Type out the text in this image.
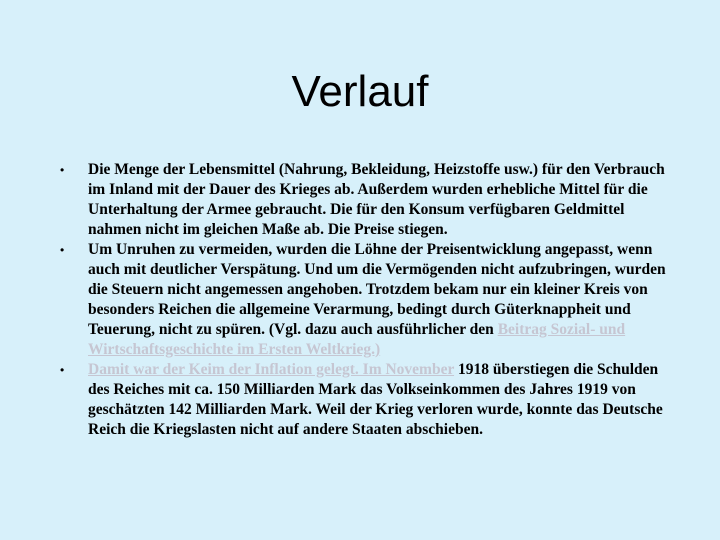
Verlauf
•	Die Menge der Lebensmittel (Nahrung, Bekleidung, Heizstoffe usw.) für den Verbrauch im Inland mit der Dauer des Krieges ab. Außerdem wurden erhebliche Mittel für die Unterhaltung der Armee gebraucht. Die für den Konsum verfügbaren Geldmittel nahmen nicht im gleichen Maße ab. Die Preise stiegen.
•	Um Unruhen zu vermeiden, wurden die Löhne der Preisentwicklung angepasst, wenn auch mit deutlicher Verspätung. Und um die Vermögenden nicht aufzubringen, wurden die Steuern nicht angemessen angehoben. Trotzdem bekam nur ein kleiner Kreis von besonders Reichen die allgemeine Verarmung, bedingt durch Güterknappheit und Teuerung, nicht zu spüren. (Vgl. dazu auch ausführlicher den Beitrag Sozial- und Wirtschaftsgeschichte im Ersten Weltkrieg.)
•	Damit war der Keim der Inflation gelegt. Im November 1918 überstiegen die Schulden des Reiches mit ca. 150 Milliarden Mark das Volkseinkommen des Jahres 1919 von geschätzten 142 Milliarden Mark. Weil der Krieg verloren wurde, konnte das Deutsche Reich die Kriegslasten nicht auf andere Staaten abschieben.
